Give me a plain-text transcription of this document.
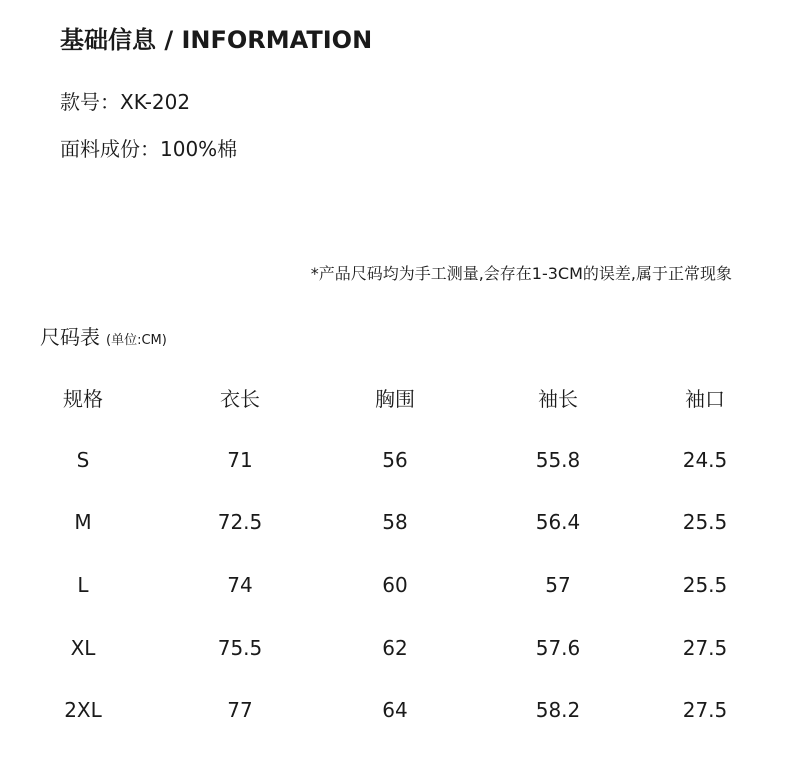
基础信息 / INFORMATION
款号：XK-202
面料成份：100%棉
*产品尺码均为手工测量,会存在1-3CM的误差,属于正常现象
尺码表 (单位:CM)
规格	衣长	胸围	袖长	袖口
S	71	56	55.8	24.5
M	72.5	58	56.4	25.5
L	74	60	57	25.5
XL	75.5	62	57.6	27.5
2XL	77	64	58.2	27.5
